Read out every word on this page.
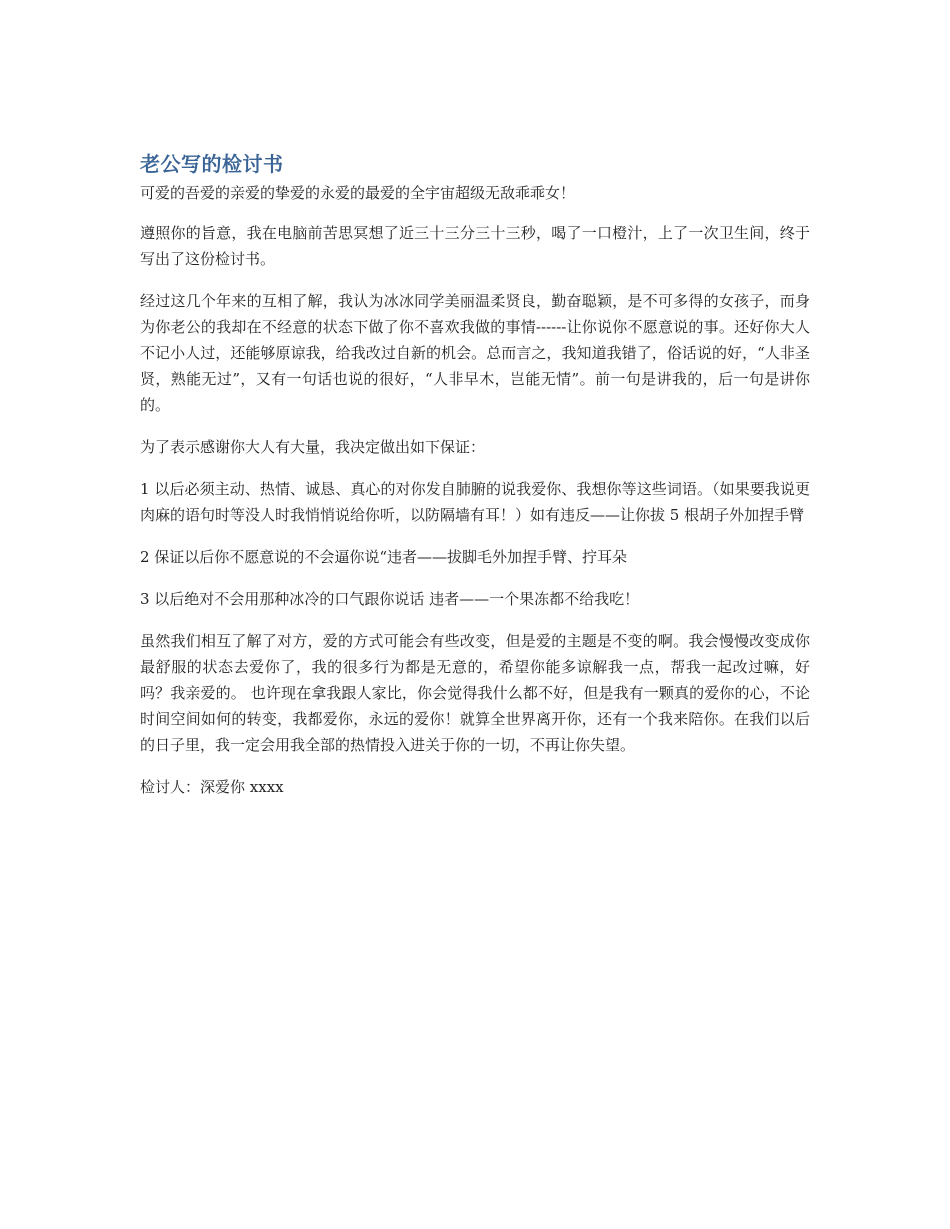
老公写的检讨书

可爱的吾爱的亲爱的挚爱的永爱的最爱的全宇宙超级无敌乖乖女！

遵照你的旨意，我在电脑前苦思冥想了近三十三分三十三秒，喝了一口橙汁，上了一次卫生间，终于写出了这份检讨书。

经过这几个年来的互相了解，我认为冰冰同学美丽温柔贤良，勤奋聪颖，是不可多得的女孩子，而身为你老公的我却在不经意的状态下做了你不喜欢我做的事情------让你说你不愿意说的事。还好你大人不记小人过，还能够原谅我，给我改过自新的机会。总而言之，我知道我错了，俗话说的好，“人非圣贤，熟能无过”，又有一句话也说的很好，“人非早木，岂能无情”。前一句是讲我的，后一句是讲你的。

为了表示感谢你大人有大量，我决定做出如下保证：

1 以后必须主动、热情、诚恳、真心的对你发自肺腑的说我爱你、我想你等这些词语。（如果要我说更肉麻的语句时等没人时我悄悄说给你听，以防隔墙有耳！）如有违反——让你拔 5 根胡子外加捏手臂

2 保证以后你不愿意说的不会逼你说“违者——拔脚毛外加捏手臂、拧耳朵

3 以后绝对不会用那种冰冷的口气跟你说话 违者——一个果冻都不给我吃！

虽然我们相互了解了对方，爱的方式可能会有些改变，但是爱的主题是不变的啊。我会慢慢改变成你最舒服的状态去爱你了，我的很多行为都是无意的，希望你能多谅解我一点，帮我一起改过嘛，好吗？我亲爱的。 也许现在拿我跟人家比，你会觉得我什么都不好，但是我有一颗真的爱你的心，不论时间空间如何的转变，我都爱你，永远的爱你！就算全世界离开你，还有一个我来陪你。在我们以后的日子里，我一定会用我全部的热情投入进关于你的一切，不再让你失望。

检讨人：深爱你 xxxx
